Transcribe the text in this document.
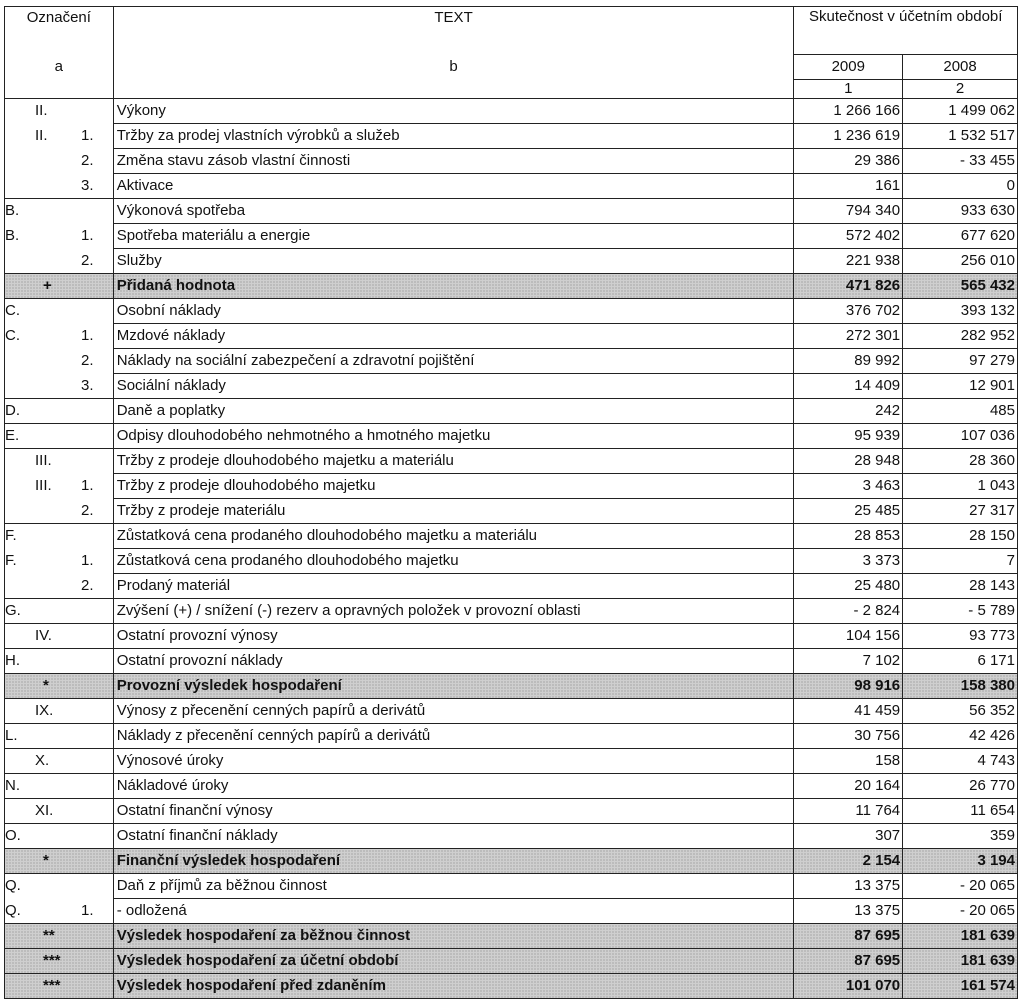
Označení	TEXT	Skutečnost v účetním období	

a	b	2009	2008
		1	2

II.	Výkony	1 266 166	1 499 062

II. 1.	Tržby za prodej vlastních výrobků a služeb	1 236 619	1 532 517

2.	Změna stavu zásob vlastní činnosti	29 386	- 33 455

3.	Aktivace	161	0

B.	Výkonová spotřeba	794 340	933 630

B. 1.	Spotřeba materiálu a energie	572 402	677 620

2.	Služby	221 938	256 010

+	Přidaná hodnota	471 826	565 432

C.	Osobní náklady	376 702	393 132

C. 1.	Mzdové náklady	272 301	282 952

2.	Náklady na sociální zabezpečení a zdravotní pojištění	89 992	97 279

3.	Sociální náklady	14 409	12 901

D.	Daně a poplatky	242	485

E.	Odpisy dlouhodobého nehmotného a hmotného majetku	95 939	107 036

III.	Tržby z prodeje dlouhodobého majetku a materiálu	28 948	28 360

III. 1.	Tržby z prodeje dlouhodobého majetku	3 463	1 043

2.	Tržby z prodeje materiálu	25 485	27 317

F.	Zůstatková cena prodaného dlouhodobého majetku a materiálu	28 853	28 150

F. 1.	Zůstatková cena prodaného dlouhodobého majetku	3 373	7

2.	Prodaný materiál	25 480	28 143

G.	Zvýšení (+) / snížení (-) rezerv a opravných položek v provozní oblasti	- 2 824	- 5 789

IV.	Ostatní provozní výnosy	104 156	93 773

H.	Ostatní provozní náklady	7 102	6 171

*	Provozní výsledek hospodaření	98 916	158 380

IX.	Výnosy z přecenění cenných papírů a derivátů	41 459	56 352

L.	Náklady z přecenění cenných papírů a derivátů	30 756	42 426

X.	Výnosové úroky	158	4 743

N.	Nákladové úroky	20 164	26 770

XI.	Ostatní finanční výnosy	11 764	11 654

O.	Ostatní finanční náklady	307	359

*	Finanční výsledek hospodaření	2 154	3 194

Q.	Daň z příjmů za běžnou činnost	13 375	- 20 065

Q. 1.	- odložená	13 375	- 20 065

**	Výsledek hospodaření za běžnou činnost	87 695	181 639

***	Výsledek hospodaření za účetní období	87 695	181 639

***	Výsledek hospodaření před zdaněním	101 070	161 574
